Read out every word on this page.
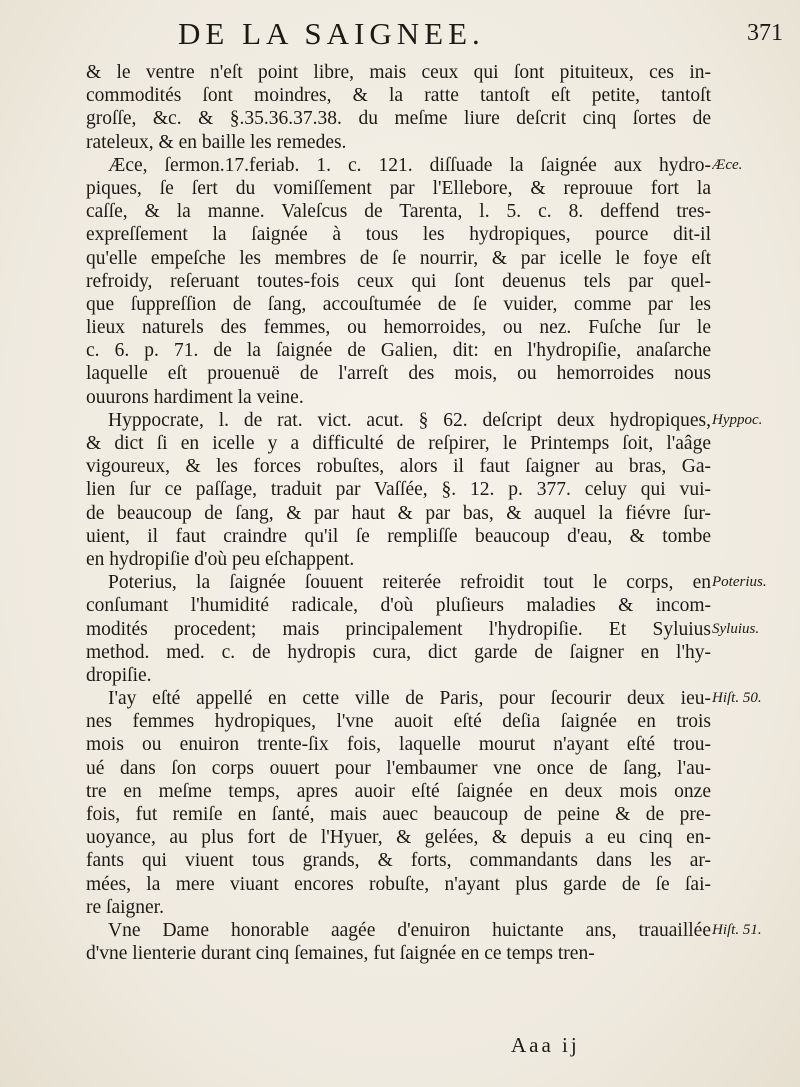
DE LA SAIGNEE.	371
& le ventre n'eſt point libre, mais ceux qui ſont pituiteux, ces in-
commodités ſont moindres, & la ratte tantoſt eſt petite, tantoſt
groſſe, &c. & §.35.36.37.38. du meſme liure deſcrit cinq ſortes de
rateleux, & en baille les remedes.
Æce, ſermon.17.feriab. 1. c. 121. diſſuade la ſaignée aux hydro-
piques, ſe ſert du vomiſſement par l'Ellebore, & reprouue fort la
caſſe, & la manne. Valeſcus de Tarenta, l. 5. c. 8. deffend tres-
expreſſement la ſaignée à tous les hydropiques, pource dit-il
qu'elle empeſche les membres de ſe nourrir, & par icelle le foye eſt
refroidy, reſeruant toutes-fois ceux qui ſont deuenus tels par quel-
que ſuppreſſion de ſang, accouſtumée de ſe vuider, comme par les
lieux naturels des femmes, ou hemorroides, ou nez. Fuſche ſur le
c. 6. p. 71. de la ſaignée de Galien, dit: en l'hydropiſie, anaſarche
laquelle eſt prouenuë de l'arreſt des mois, ou hemorroides nous
ouurons hardiment la veine.
Hyppocrate, l. de rat. vict. acut. § 62. deſcript deux hydropiques,
& dict ſi en icelle y a difficulté de reſpirer, le Printemps ſoit, l'aâge
vigoureux, & les forces robuſtes, alors il faut ſaigner au bras, Ga-
lien ſur ce paſſage, traduit par Vaſſée, §. 12. p. 377. celuy qui vui-
de beaucoup de ſang, & par haut & par bas, & auquel la fiévre ſur-
uient, il faut craindre qu'il ſe rempliſſe beaucoup d'eau, & tombe
en hydropiſie d'où peu eſchappent.
Poterius, la ſaignée ſouuent reiterée refroidit tout le corps, en
conſumant l'humidité radicale, d'où pluſieurs maladies & incom-
modités procedent; mais principalement l'hydropiſie. Et Syluius
method. med. c. de hydropis cura, dict garde de ſaigner en l'hy-
dropiſie.
I'ay eſté appellé en cette ville de Paris, pour ſecourir deux ieu-
nes femmes hydropiques, l'vne auoit eſté deſia ſaignée en trois
mois ou enuiron trente-ſix fois, laquelle mourut n'ayant eſté trou-
ué dans ſon corps ouuert pour l'embaumer vne once de ſang, l'au-
tre en meſme temps, apres auoir eſté ſaignée en deux mois onze
fois, fut remiſe en ſanté, mais auec beaucoup de peine & de pre-
uoyance, au plus fort de l'Hyuer, & gelées, & depuis a eu cinq en-
fants qui viuent tous grands, & forts, commandants dans les ar-
mées, la mere viuant encores robuſte, n'ayant plus garde de ſe ſai-
re ſaigner.
Vne Dame honorable aagée d'enuiron huictante ans, trauaillée
d'vne lienterie durant cinq ſemaines, fut ſaignée en ce temps tren-
Æce.
Hyppoc.
Poterius.
Syluius.
Hiſt. 50.
Hiſt. 51.
Aaa ij
